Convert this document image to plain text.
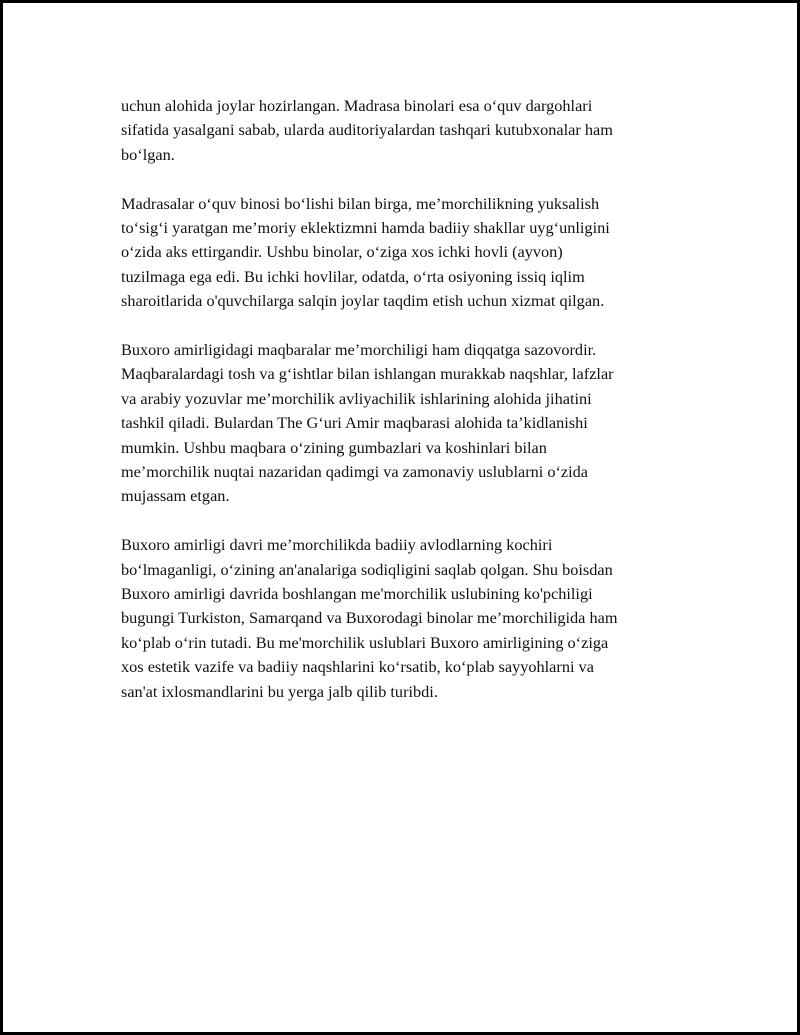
uchun alohida joylar hozirlangan. Madrasa binolari esa o‘quv dargohlari
sifatida yasalgani sabab, ularda auditoriyalardan tashqari kutubxonalar ham
bo‘lgan.

Madrasalar o‘quv binosi bo‘lishi bilan birga, me’morchilikning yuksalish
to‘sig‘i yaratgan me’moriy eklektizmni hamda badiiy shakllar uyg‘unligini
o‘zida aks ettirgandir. Ushbu binolar, o‘ziga xos ichki hovli (ayvon)
tuzilmaga ega edi. Bu ichki hovlilar, odatda, o‘rta osiyoning issiq iqlim
sharoitlarida o'quvchilarga salqin joylar taqdim etish uchun xizmat qilgan.

Buxoro amirligidagi maqbaralar me’morchiligi ham diqqatga sazovordir.
Maqbaralardagi tosh va g‘ishtlar bilan ishlangan murakkab naqshlar, lafzlar
va arabiy yozuvlar me’morchilik avliyachilik ishlarining alohida jihatini
tashkil qiladi. Bulardan The G‘uri Amir maqbarasi alohida ta’kidlanishi
mumkin. Ushbu maqbara o‘zining gumbazlari va koshinlari bilan
me’morchilik nuqtai nazaridan qadimgi va zamonaviy uslublarni o‘zida
mujassam etgan.

Buxoro amirligi davri me’morchilikda badiiy avlodlarning kochiri
bo‘lmaganligi, o‘zining an'analariga sodiqligini saqlab qolgan. Shu boisdan
Buxoro amirligi davrida boshlangan me'morchilik uslubining ko'pchiligi
bugungi Turkiston, Samarqand va Buxorodagi binolar me’morchiligida ham
ko‘plab o‘rin tutadi. Bu me'morchilik uslublari Buxoro amirligining o‘ziga
xos estetik vazife va badiiy naqshlarini ko‘rsatib, ko‘plab sayyohlarni va
san'at ixlosmandlarini bu yerga jalb qilib turibdi.
